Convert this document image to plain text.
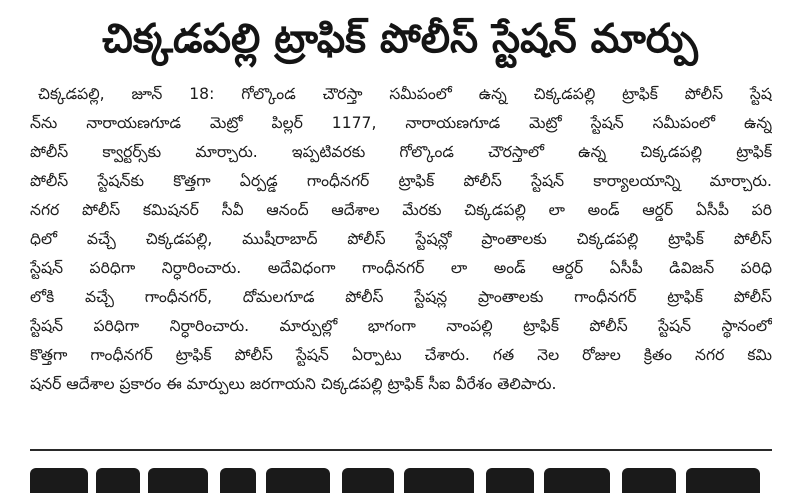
చిక్కడపల్లి ట్రాఫిక్ పోలీస్ స్టేషన్ మార్పు
చిక్కడపల్లి, జూన్ 18: గోల్కొండ చౌరస్తా సమీపంలో ఉన్న చిక్కడపల్లి ట్రాఫిక్ పోలీస్ స్టేష
న్‌ను నారాయణగూడ మెట్రో పిల్లర్ 1177, నారాయణగూడ మెట్రో స్టేషన్ సమీపంలో ఉన్న
పోలీస్ క్వార్టర్స్‌కు మార్చారు. ఇప్పటివరకు గోల్కొండ చౌరస్తాలో ఉన్న చిక్కడపల్లి ట్రాఫిక్
పోలీస్ స్టేషన్‌కు కొత్తగా ఏర్పడ్డ గాంధీనగర్ ట్రాఫిక్ పోలీస్ స్టేషన్ కార్యాలయాన్ని మార్చారు.
నగర పోలీస్ కమిషనర్ సీవీ ఆనంద్ ఆదేశాల మేరకు చిక్కడపల్లి లా అండ్ ఆర్డర్ ఏసీపీ పరి
ధిలో వచ్చే చిక్కడపల్లి, ముషీరాబాద్ పోలీస్ స్టేషన్లో ప్రాంతాలకు చిక్కడపల్లి ట్రాఫిక్ పోలీస్
స్టేషన్ పరిధిగా నిర్ధారించారు. అదేవిధంగా గాంధీనగర్ లా అండ్ ఆర్డర్ ఏసీపీ డివిజన్ పరిధి
లోకి వచ్చే గాంధీనగర్, దోమలగూడ పోలీస్ స్టేషన్ల ప్రాంతాలకు గాంధీనగర్ ట్రాఫిక్ పోలీస్
స్టేషన్ పరిధిగా నిర్ధారించారు. మార్పుల్లో భాగంగా నాంపల్లి ట్రాఫిక్ పోలీస్ స్టేషన్ స్థానంలో
కొత్తగా గాంధీనగర్ ట్రాఫిక్ పోలీస్ స్టేషన్ ఏర్పాటు చేశారు. గత నెల రోజుల క్రితం నగర కమి
షనర్ ఆదేశాల ప్రకారం ఈ మార్పులు జరగాయని చిక్కడపల్లి ట్రాఫిక్ సీఐ వీరేశం తెలిపారు.
